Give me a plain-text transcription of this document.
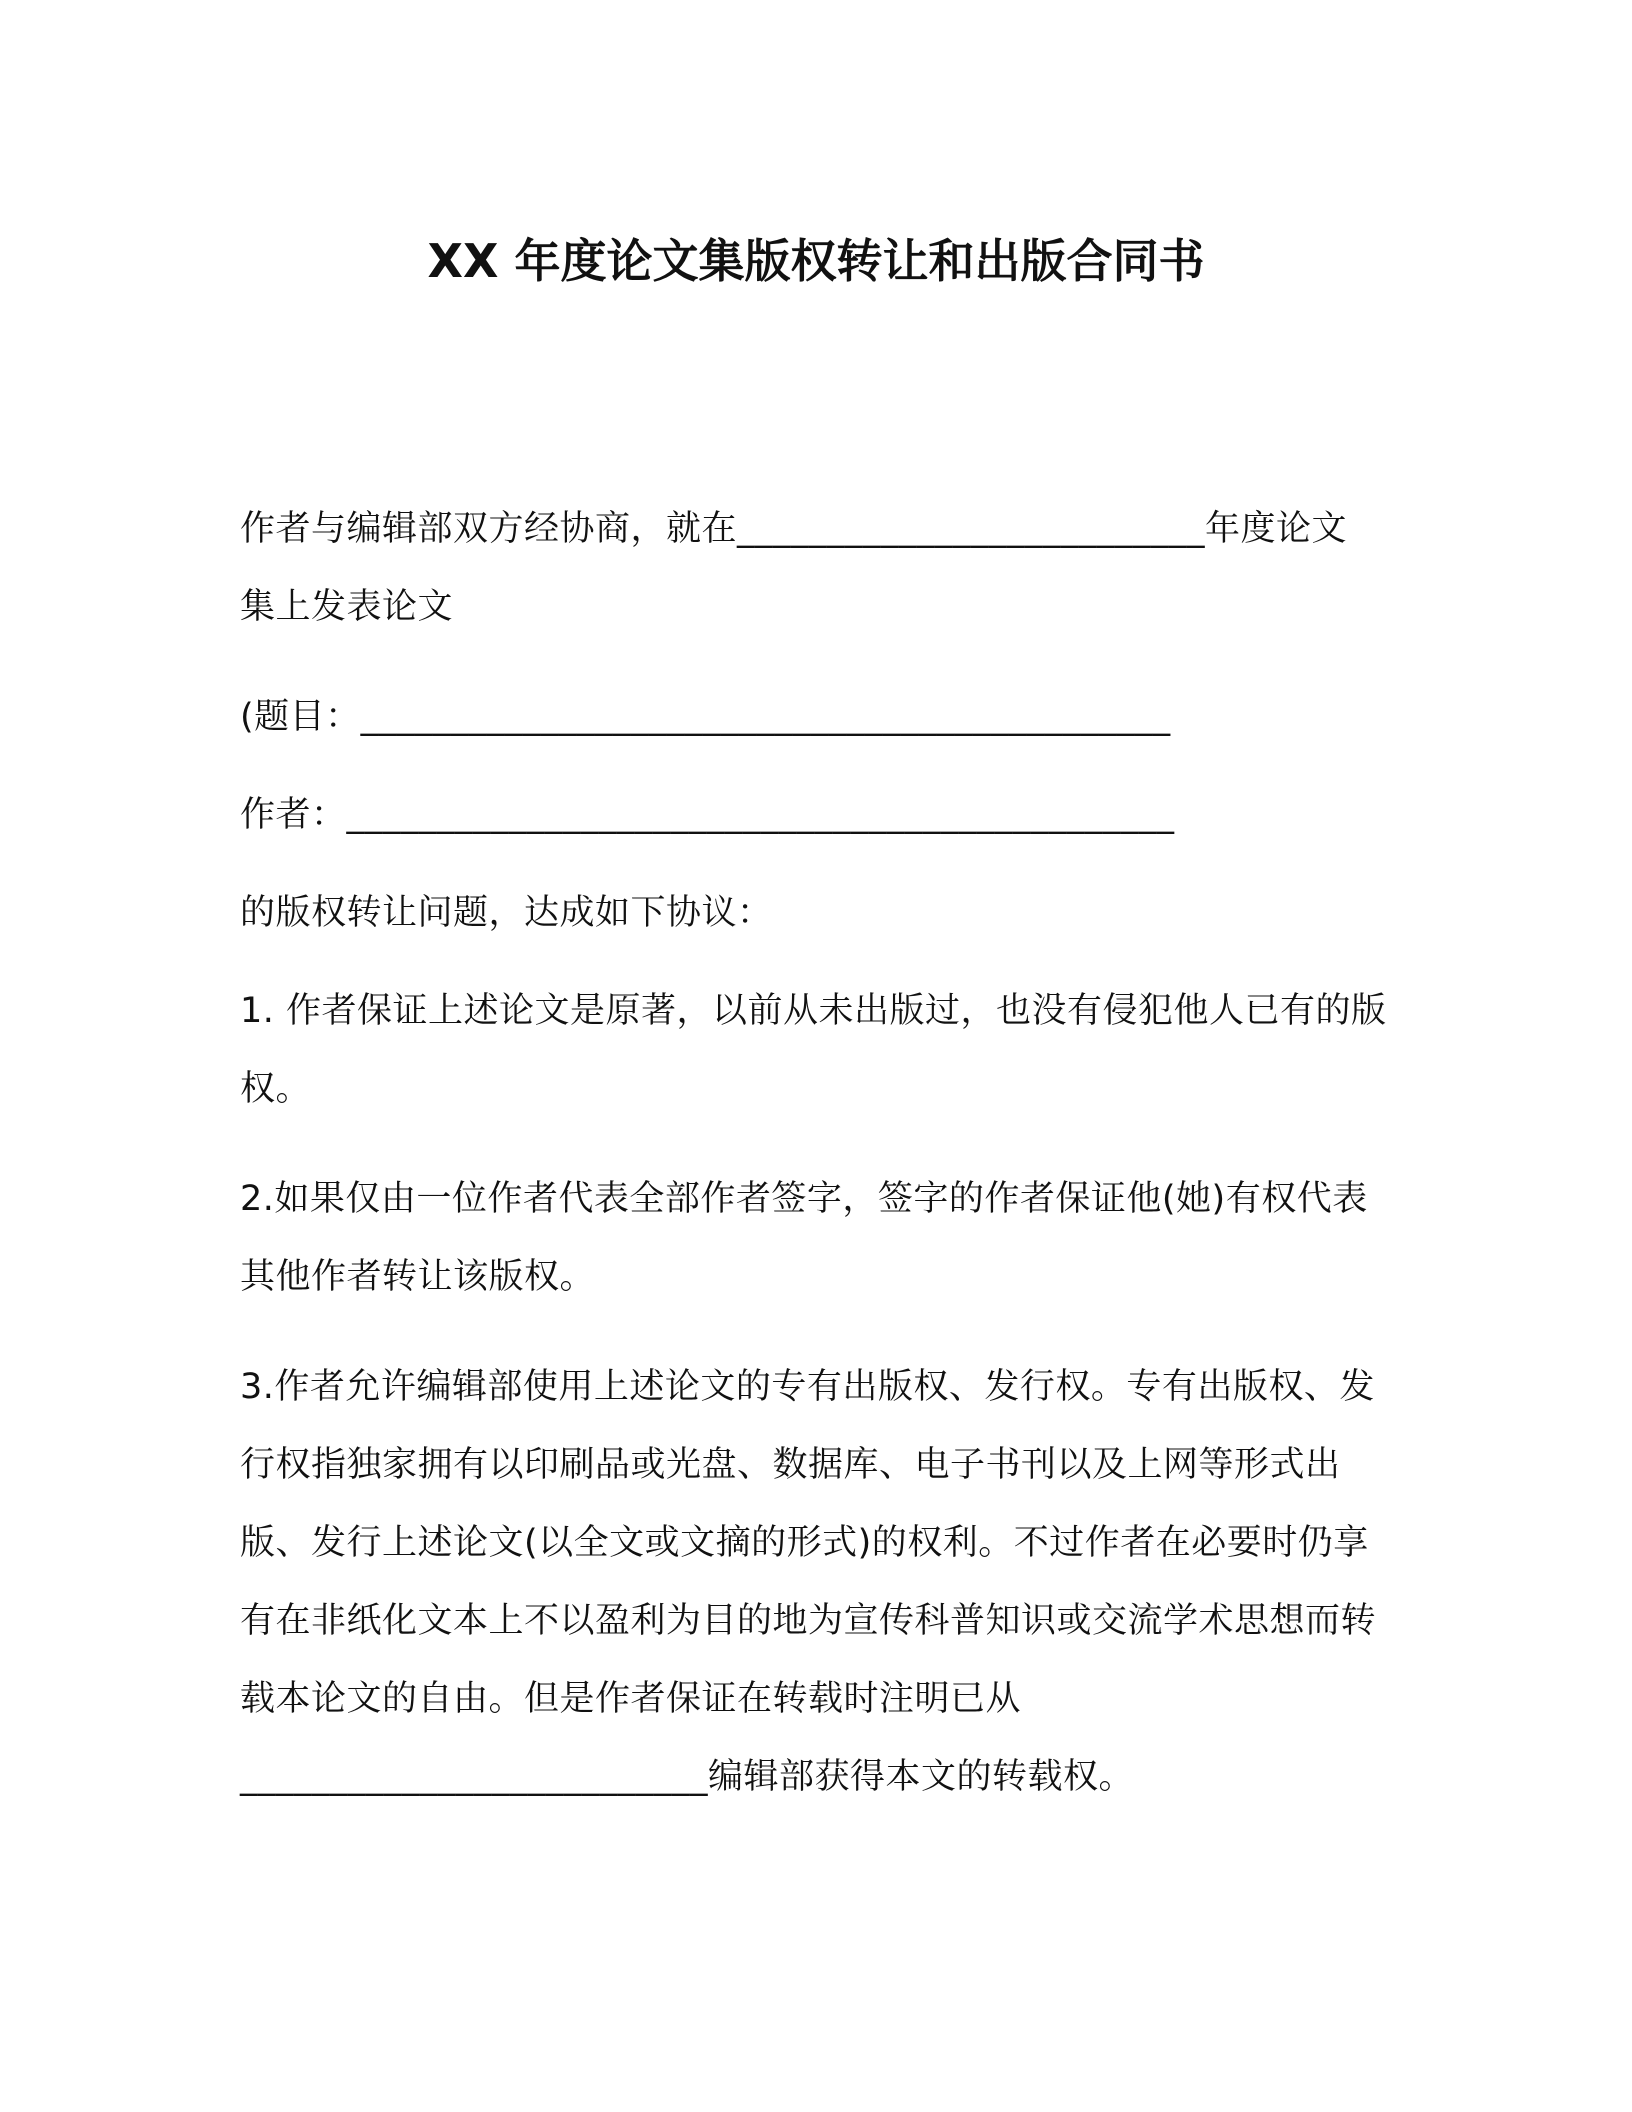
XX 年度论文集版权转让和出版合同书

作者与编辑部双方经协商，就在__________________________年度论文
集上发表论文

(题目：_____________________________________________

作者：______________________________________________

的版权转让问题，达成如下协议：

1. 作者保证上述论文是原著，以前从未出版过，也没有侵犯他人已有的版权。

2.如果仅由一位作者代表全部作者签字，签字的作者保证他(她)有权代表其他作者转让该版权。

3.作者允许编辑部使用上述论文的专有出版权、发行权。专有出版权、发行权指独家拥有以印刷品或光盘、数据库、电子书刊以及上网等形式出版、发行上述论文(以全文或文摘的形式)的权利。不过作者在必要时仍享有在非纸化文本上不以盈利为目的地为宣传科普知识或交流学术思想而转载本论文的自由。但是作者保证在转载时注明已从
__________________________编辑部获得本文的转载权。
